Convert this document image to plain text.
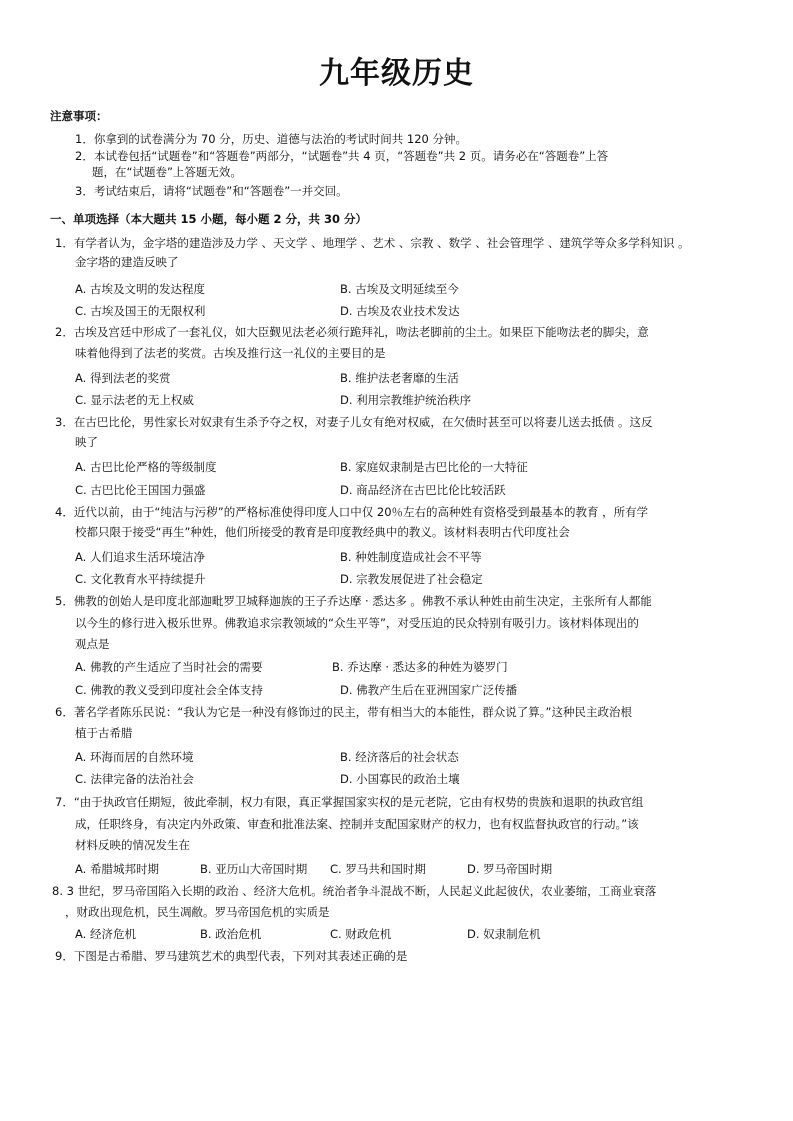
九年级历史
注意事项：
1．你拿到的试卷满分为 70 分，历史、道德与法治的考试时间共 120 分钟。
2．本试卷包括“试题卷”和“答题卷”两部分，“试题卷”共 4 页，“答题卷”共 2 页。请务必在“答题卷”上答
题，在“试题卷”上答题无效。
3．考试结束后，请将“试题卷”和“答题卷”一并交回。
一、单项选择（本大题共 15 小题，每小题 2 分，共 30 分）
1．有学者认为，金字塔的建造涉及力学 、天文学 、地理学 、艺术 、宗教 、数学 、社会管理学 、建筑学等众多学科知识 。
金字塔的建造反映了
A. 古埃及文明的发达程度	B. 古埃及文明延续至今
C. 古埃及国王的无限权利	D. 古埃及农业技术发达
2．古埃及宫廷中形成了一套礼仪，如大臣觐见法老必须行跪拜礼，吻法老脚前的尘土。如果臣下能吻法老的脚尖，意
味着他得到了法老的奖赏。古埃及推行这一礼仪的主要目的是
A. 得到法老的奖赏	B. 维护法老奢靡的生活
C. 显示法老的无上权威	D. 利用宗教维护统治秩序
3．在古巴比伦，男性家长对奴隶有生杀予夺之权，对妻子儿女有绝对权威，在欠债时甚至可以将妻儿送去抵债 。这反
映了
A. 古巴比伦严格的等级制度	B. 家庭奴隶制是古巴比伦的一大特征
C. 古巴比伦王国国力强盛	D. 商品经济在古巴比伦比较活跃
4．近代以前，由于“纯洁与污秽”的严格标准使得印度人口中仅 20％左右的高种姓有资格受到最基本的教育 ，所有学
校都只限于接受“再生”种姓，他们所接受的教育是印度教经典中的教义。该材料表明古代印度社会
A. 人们追求生活环境洁净	B. 种姓制度造成社会不平等
C. 文化教育水平持续提升	D. 宗教发展促进了社会稳定
5．佛教的创始人是印度北部迦毗罗卫城释迦族的王子乔达摩 · 悉达多 。佛教不承认种姓由前生决定，主张所有人都能
以今生的修行进入极乐世界。佛教追求宗教领域的“众生平等”，对受压迫的民众特别有吸引力。该材料体现出的
观点是
A. 佛教的产生适应了当时社会的需要	B. 乔达摩 · 悉达多的种姓为婆罗门
C. 佛教的教义受到印度社会全体支持	D. 佛教产生后在亚洲国家广泛传播
6．著名学者陈乐民说：“我认为它是一种没有修饰过的民主，带有相当大的本能性，群众说了算。”这种民主政治根
植于古希腊
A. 环海而居的自然环境	B. 经济落后的社会状态
C. 法律完备的法治社会	D. 小国寡民的政治土壤
7．“由于执政官任期短，彼此牵制，权力有限，真正掌握国家实权的是元老院，它由有权势的贵族和退职的执政官组
成，任职终身，有决定内外政策、审查和批准法案、控制并支配国家财产的权力，也有权监督执政官的行动。”该
材料反映的情况发生在
A. 希腊城邦时期	B. 亚历山大帝国时期 C. 罗马共和国时期	D. 罗马帝国时期
8. 3 世纪，罗马帝国陷入长期的政治 、经济大危机。统治者争斗混战不断，人民起义此起彼伏，农业萎缩，工商业衰落
，财政出现危机，民生凋敝。罗马帝国危机的实质是
A. 经济危机	B. 政治危机	C. 财政危机	D. 奴隶制危机
9．下图是古希腊、罗马建筑艺术的典型代表，下列对其表述正确的是
